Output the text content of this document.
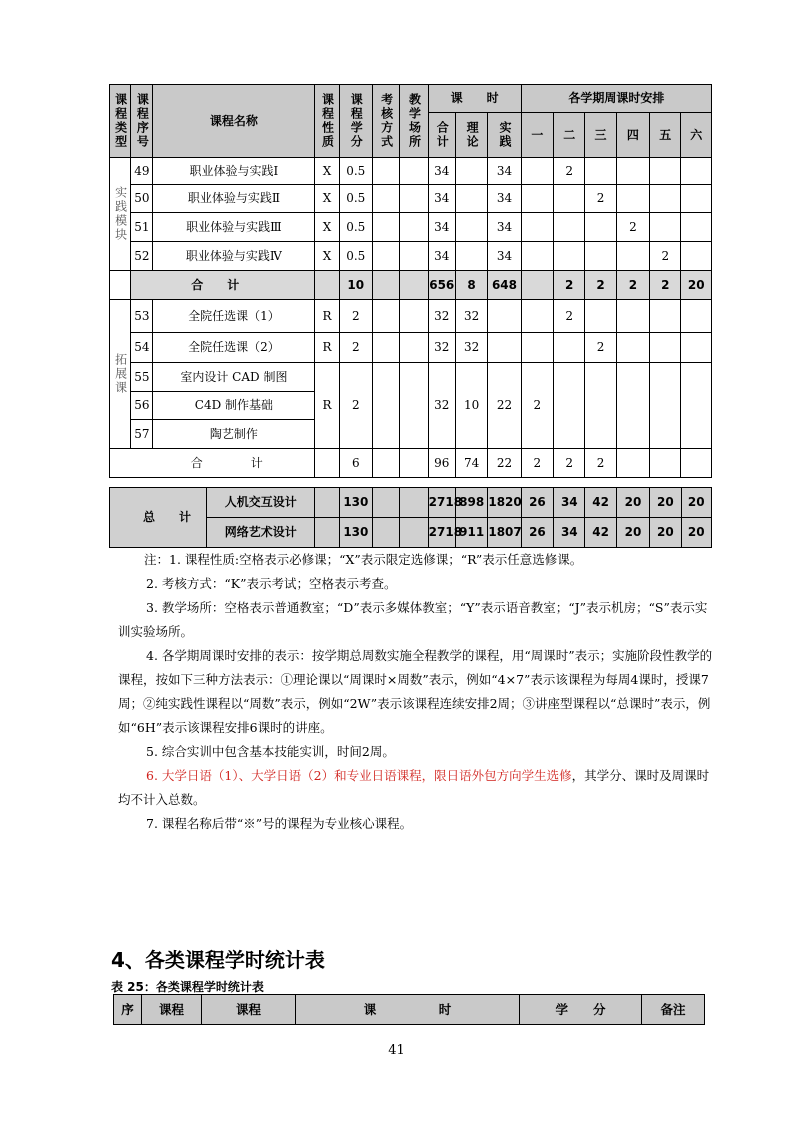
课程类型	课程序号	课程名称	课程性质	课程学分	考核方式	教学场所	课　　时			各学期周课时安排					

							合计	理论	实践	一	二	三	四	五	六

实践模块	49	职业体验与实践Ⅰ	X	0.5			34		34		2				
	50	职业体验与实践Ⅱ	X	0.5			34		34			2			
	51	职业体验与实践Ⅲ	X	0.5			34		34				2		
	52	职业体验与实践Ⅳ	X	0.5			34		34					2	
	合　　计			10			656	8	648		2	2	2	2	20

拓展课	53	全院任选课（1）	R	2			32	32			2				
	54	全院任选课（2）	R	2			32	32				2			
	55	室内设计 CAD 制图	R	2			32	10	22	2					
	56	C4D 制作基础													
	57	陶艺制作													
	合　　　　计			6			96	74	22	2	2	2			
总　　计	人机交互设计		130			2718	898	1820	26	34	42	20	20	20
	网络艺术设计		130			2718	911	1807	26	34	42	20	20	20

注：1. 课程性质:空格表示必修课；“X”表示限定选修课；“R”表示任意选修课。

2. 考核方式：“K”表示考试；空格表示考查。

3. 教学场所：空格表示普通教室；“D”表示多媒体教室；“Y”表示语音教室；“J”表示机房；“S”表示实训实验场所。

4. 各学期周课时安排的表示：按学期总周数实施全程教学的课程，用“周课时”表示；实施阶段性教学的课程，按如下三种方法表示：①理论课以“周课时×周数”表示，例如“4×7”表示该课程为每周4课时，授课7周；②纯实践性课程以“周数”表示，例如“2W”表示该课程连续安排2周；③讲座型课程以“总课时”表示，例如“6H”表示该课程安排6课时的讲座。

5. 综合实训中包含基本技能实训，时间2周。

6. 大学日语（1）、大学日语（2）和专业日语课程，限日语外包方向学生选修，其学分、课时及周课时均不计入总数。

7. 课程名称后带“※”号的课程为专业核心课程。

4、各类课程学时统计表
表 25：各类课程学时统计表
序	课程	课程	课　　　　　时	学　　分	备注
41
